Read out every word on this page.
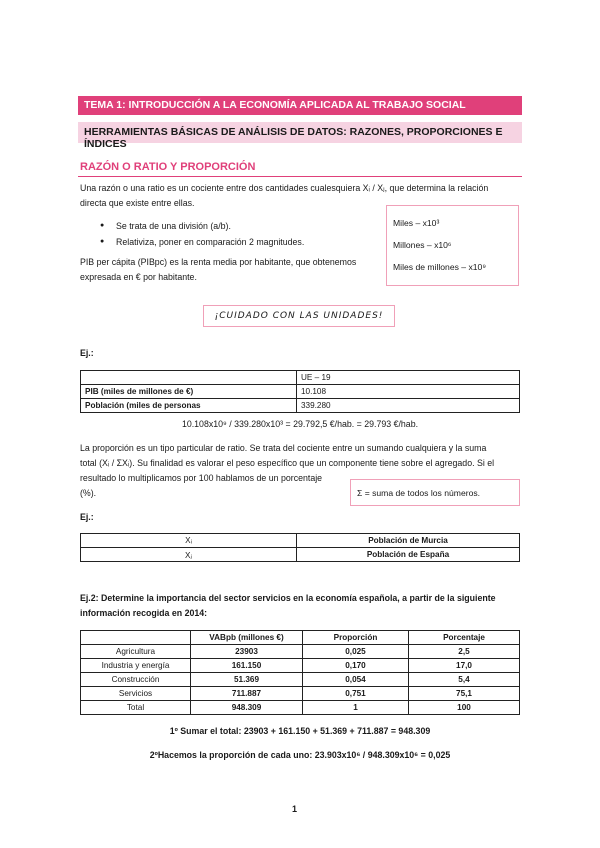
TEMA 1: INTRODUCCIÓN A LA ECONOMÍA APLICADA AL TRABAJO SOCIAL
HERRAMIENTAS BÁSICAS DE ANÁLISIS DE DATOS: RAZONES, PROPORCIONES E ÍNDICES
RAZÓN O RATIO Y PROPORCIÓN
Una razón o una ratio es un cociente entre dos cantidades cualesquiera Xᵢ / Xⱼ, que determina la relación
directa que existe entre ellas.
● Se trata de una división (a/b).
● Relativiza, poner en comparación 2 magnitudes.
Miles – x10³
Millones – x10⁶
Miles de millones – x10⁹
PIB per cápita (PIBpc) es la renta media por habitante, que obtenemos
expresada en € por habitante.
¡CUIDADO CON LAS UNIDADES!
Ej.:
	UE – 19
PIB (miles de millones de €)	10.108
Población (miles de personas	339.280
10.108x10⁹ / 339.280x10³ = 29.792,5 €/hab. = 29.793 €/hab.
La proporción es un tipo particular de ratio. Se trata del cociente entre un sumando cualquiera y la suma
total (Xᵢ / ΣXᵢ). Su finalidad es valorar el peso específico que un componente tiene sobre el agregado. Si el
resultado lo multiplicamos por 100 hablamos de un porcentaje
(%).	Σ = suma de todos los números.
Ej.:
Xᵢ	Población de Murcia
Xⱼ	Población de España
Ej.2: Determine la importancia del sector servicios en la economía española, a partir de la siguiente
información recogida en 2014:
	VABpb (millones €)	Proporción	Porcentaje
Agricultura	23903	0,025	2,5
Industria y energía	161.150	0,170	17,0
Construcción	51.369	0,054	5,4
Servicios	711.887	0,751	75,1
Total	948.309	1	100
1º Sumar el total: 23903 + 161.150 + 51.369 + 711.887 = 948.309
2ºHacemos la proporción de cada uno: 23.903x10⁶ / 948.309x10⁶ = 0,025
1
